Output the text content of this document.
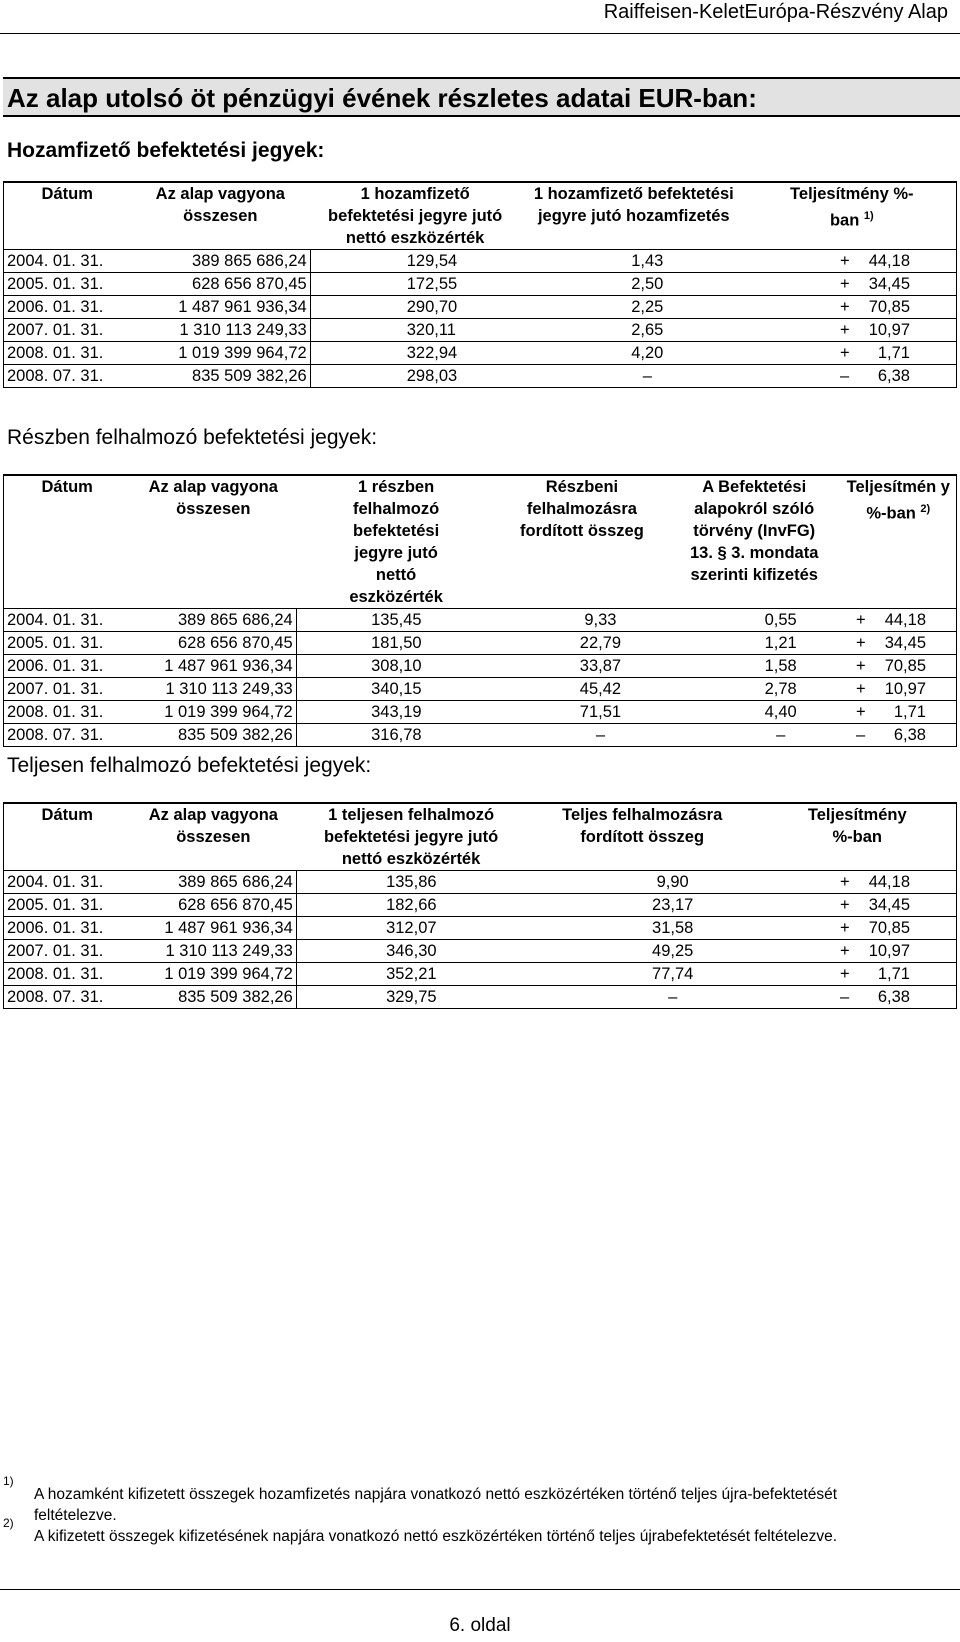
Raiffeisen-KeletEurópa-Részvény Alap
Az alap utolsó öt pénzügyi évének részletes adatai EUR-ban:
Hozamfizető befektetési jegyek:
Dátum	Az alap vagyona összesen	1 hozamfizető befektetési jegyre jutó nettó eszközérték	1 hozamfizető befektetési jegyre jutó hozamfizetés	Teljesítmény %-ban $^{1)}$
2004. 01. 31.	389 865 686,24	129,54	1,43	+ 44,18
2005. 01. 31.	628 656 870,45	172,55	2,50	+ 34,45
2006. 01. 31.	1 487 961 936,34	290,70	2,25	+ 70,85
2007. 01. 31.	1 310 113 249,33	320,11	2,65	+ 10,97
2008. 01. 31.	1 019 399 964,72	322,94	4,20	+ 1,71
2008. 07. 31.	835 509 382,26	298,03	–	– 6,38
Részben felhalmozó befektetési jegyek:
Dátum	Az alap vagyona összesen	1 részben felhalmozó befektetési jegyre jutó nettó eszközérték	Részbeni felhalmozásra fordított összeg	A Befektetési alapokról szóló törvény (InvFG) 13. § 3. mondata szerinti kifizetés	Teljesítmén y %-ban $^{2)}$
2004. 01. 31.	389 865 686,24	135,45	9,33	0,55	+ 44,18
2005. 01. 31.	628 656 870,45	181,50	22,79	1,21	+ 34,45
2006. 01. 31.	1 487 961 936,34	308,10	33,87	1,58	+ 70,85
2007. 01. 31.	1 310 113 249,33	340,15	45,42	2,78	+ 10,97
2008. 01. 31.	1 019 399 964,72	343,19	71,51	4,40	+ 1,71
2008. 07. 31.	835 509 382,26	316,78	–	–	– 6,38
Teljesen felhalmozó befektetési jegyek:
Dátum	Az alap vagyona összesen	1 teljesen felhalmozó befektetési jegyre jutó nettó eszközérték	Teljes felhalmozásra fordított összeg	Teljesítmény %-ban
2004. 01. 31.	389 865 686,24	135,86	9,90	+ 44,18
2005. 01. 31.	628 656 870,45	182,66	23,17	+ 34,45
2006. 01. 31.	1 487 961 936,34	312,07	31,58	+ 70,85
2007. 01. 31.	1 310 113 249,33	346,30	49,25	+ 10,97
2008. 01. 31.	1 019 399 964,72	352,21	77,74	+ 1,71
2008. 07. 31.	835 509 382,26	329,75	–	– 6,38
1)
A hozamként kifizetett összegek hozamfizetés napjára vonatkozó nettó eszközértéken történő teljes újra-befektetését feltételezve.
2)
A kifizetett összegek kifizetésének napjára vonatkozó nettó eszközértéken történő teljes újrabefektetését feltételezve.
6. oldal
